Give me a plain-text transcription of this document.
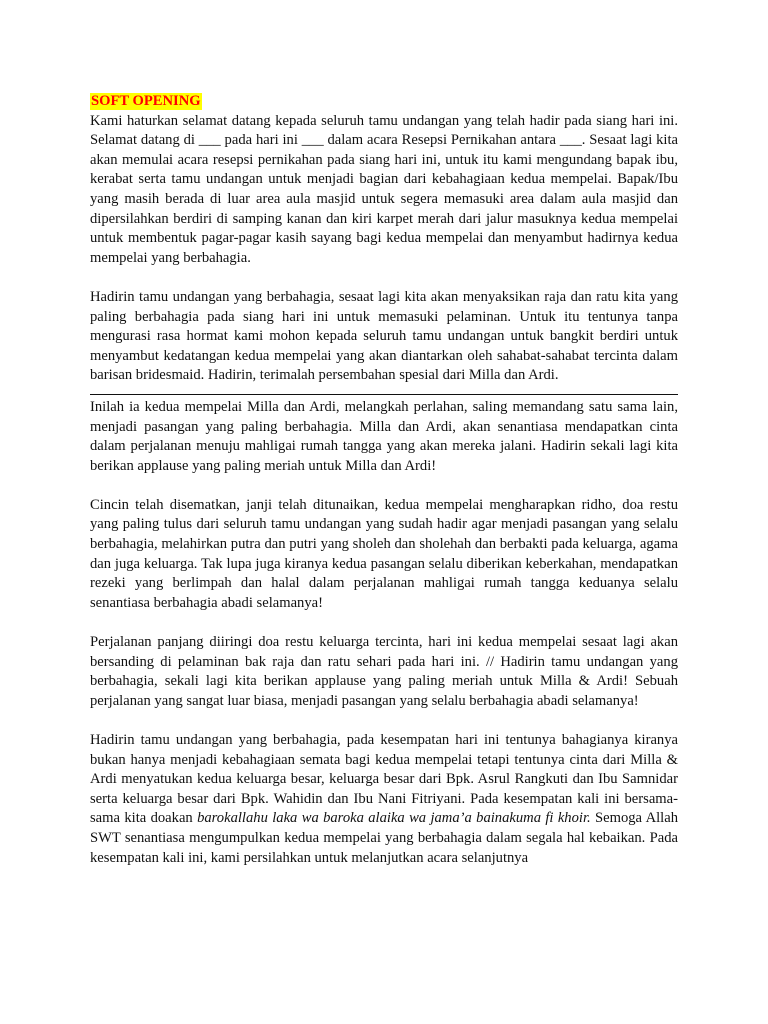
SOFT OPENING

Kami haturkan selamat datang kepada seluruh tamu undangan yang telah hadir pada siang hari ini. Selamat datang di ___ pada hari ini ___ dalam acara Resepsi Pernikahan antara ___. Sesaat lagi kita akan memulai acara resepsi pernikahan pada siang hari ini, untuk itu kami mengundang bapak ibu, kerabat serta tamu undangan untuk menjadi bagian dari kebahagiaan kedua mempelai. Bapak/Ibu yang masih berada di luar area aula masjid untuk segera memasuki area dalam aula masjid dan dipersilahkan berdiri di samping kanan dan kiri karpet merah dari jalur masuknya kedua mempelai untuk membentuk pagar-pagar kasih sayang bagi kedua mempelai dan menyambut hadirnya kedua mempelai yang berbahagia.

Hadirin tamu undangan yang berbahagia, sesaat lagi kita akan menyaksikan raja dan ratu kita yang paling berbahagia pada siang hari ini untuk memasuki pelaminan. Untuk itu tentunya tanpa mengurasi rasa hormat kami mohon kepada seluruh tamu undangan untuk bangkit berdiri untuk menyambut kedatangan kedua mempelai yang akan diantarkan oleh sahabat-sahabat tercinta dalam barisan bridesmaid. Hadirin, terimalah persembahan spesial dari Milla dan Ardi.

Inilah ia kedua mempelai Milla dan Ardi, melangkah perlahan, saling memandang satu sama lain, menjadi pasangan yang paling berbahagia. Milla dan Ardi, akan senantiasa mendapatkan cinta dalam perjalanan menuju mahligai rumah tangga yang akan mereka jalani. Hadirin sekali lagi kita berikan applause yang paling meriah untuk Milla dan Ardi!

Cincin telah disematkan, janji telah ditunaikan, kedua mempelai mengharapkan ridho, doa restu yang paling tulus dari seluruh tamu undangan yang sudah hadir agar menjadi pasangan yang selalu berbahagia, melahirkan putra dan putri yang sholeh dan sholehah dan berbakti pada keluarga, agama dan juga keluarga. Tak lupa juga kiranya kedua pasangan selalu diberikan keberkahan, mendapatkan rezeki yang berlimpah dan halal dalam perjalanan mahligai rumah tangga keduanya selalu senantiasa berbahagia abadi selamanya!

Perjalanan panjang diiringi doa restu keluarga tercinta, hari ini kedua mempelai sesaat lagi akan bersanding di pelaminan bak raja dan ratu sehari pada hari ini. // Hadirin tamu undangan yang berbahagia, sekali lagi kita berikan applause yang paling meriah untuk Milla & Ardi! Sebuah perjalanan yang sangat luar biasa, menjadi pasangan yang selalu berbahagia abadi selamanya!

Hadirin tamu undangan yang berbahagia, pada kesempatan hari ini tentunya bahagianya kiranya bukan hanya menjadi kebahagiaan semata bagi kedua mempelai tetapi tentunya cinta dari Milla & Ardi menyatukan kedua keluarga besar, keluarga besar dari Bpk. Asrul Rangkuti dan Ibu Samnidar serta keluarga besar dari Bpk. Wahidin dan Ibu Nani Fitriyani. Pada kesempatan kali ini bersama-sama kita doakan barokallahu laka wa baroka alaika wa jama’a bainakuma fi khoir. Semoga Allah SWT senantiasa mengumpulkan kedua mempelai yang berbahagia dalam segala hal kebaikan. Pada kesempatan kali ini, kami persilahkan untuk melanjutkan acara selanjutnya
